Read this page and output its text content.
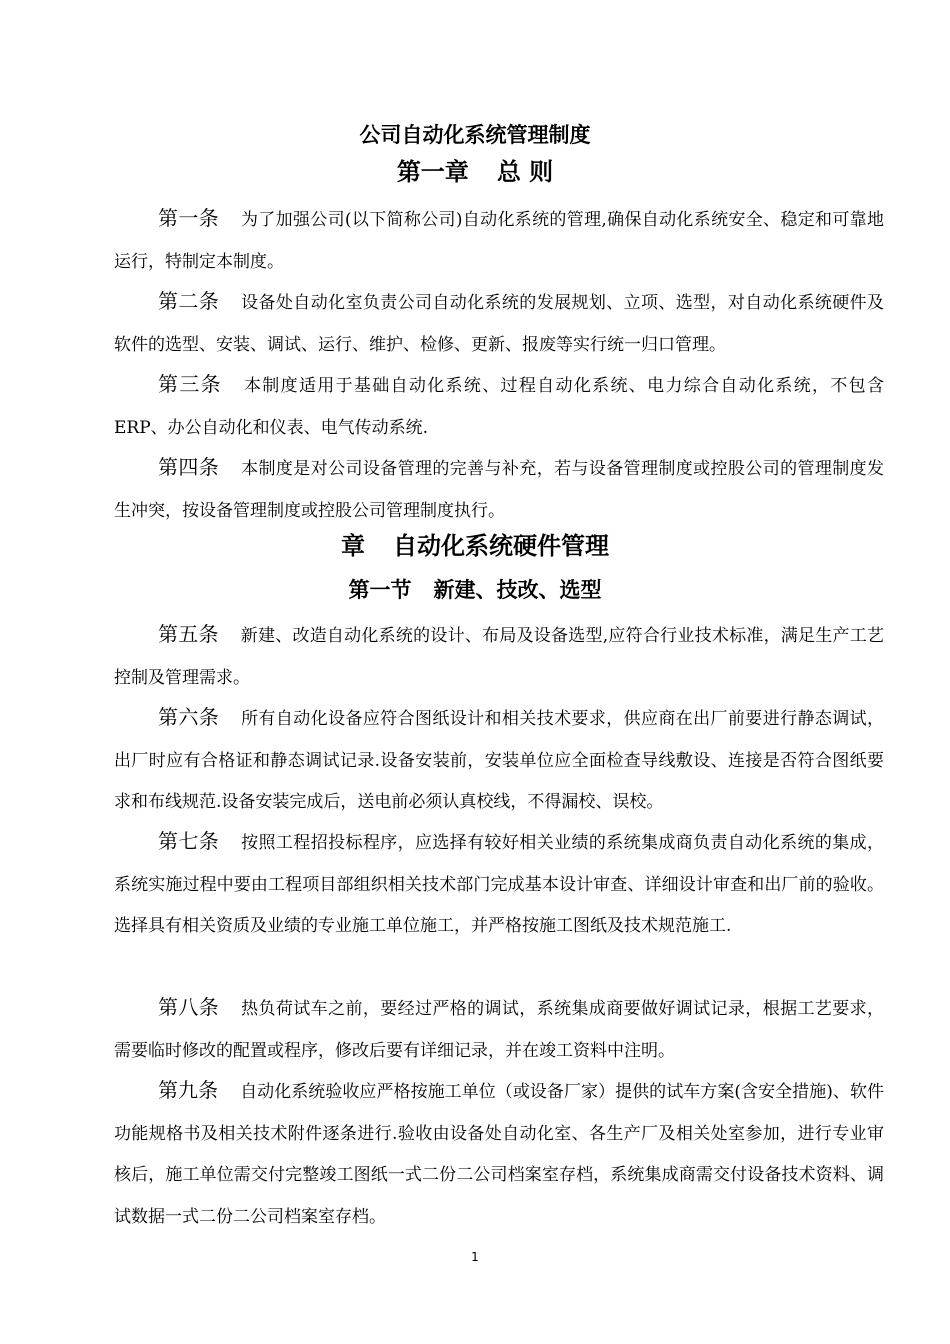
公司自动化系统管理制度
第一章 总 则

第一条 为了加强公司(以下简称公司)自动化系统的管理,确保自动化系统安全、稳定和可靠地运行，特制定本制度。

第二条 设备处自动化室负责公司自动化系统的发展规划、立项、选型，对自动化系统硬件及软件的选型、安装、调试、运行、维护、检修、更新、报废等实行统一归口管理。

第三条 本制度适用于基础自动化系统、过程自动化系统、电力综合自动化系统，不包含ERP、办公自动化和仪表、电气传动系统.

第四条 本制度是对公司设备管理的完善与补充，若与设备管理制度或控股公司的管理制度发生冲突，按设备管理制度或控股公司管理制度执行。

章 自动化系统硬件管理
第一节 新建、技改、选型

第五条 新建、改造自动化系统的设计、布局及设备选型,应符合行业技术标准，满足生产工艺控制及管理需求。

第六条 所有自动化设备应符合图纸设计和相关技术要求，供应商在出厂前要进行静态调试，出厂时应有合格证和静态调试记录.设备安装前，安装单位应全面检查导线敷设、连接是否符合图纸要求和布线规范.设备安装完成后，送电前必须认真校线，不得漏校、误校。

第七条 按照工程招投标程序，应选择有较好相关业绩的系统集成商负责自动化系统的集成，系统实施过程中要由工程项目部组织相关技术部门完成基本设计审查、详细设计审查和出厂前的验收。选择具有相关资质及业绩的专业施工单位施工，并严格按施工图纸及技术规范施工.

第八条 热负荷试车之前，要经过严格的调试，系统集成商要做好调试记录，根据工艺要求，需要临时修改的配置或程序，修改后要有详细记录，并在竣工资料中注明。

第九条 自动化系统验收应严格按施工单位（或设备厂家）提供的试车方案(含安全措施)、软件功能规格书及相关技术附件逐条进行.验收由设备处自动化室、各生产厂及相关处室参加，进行专业审核后，施工单位需交付完整竣工图纸一式二份二公司档案室存档，系统集成商需交付设备技术资料、调试数据一式二份二公司档案室存档。

1
